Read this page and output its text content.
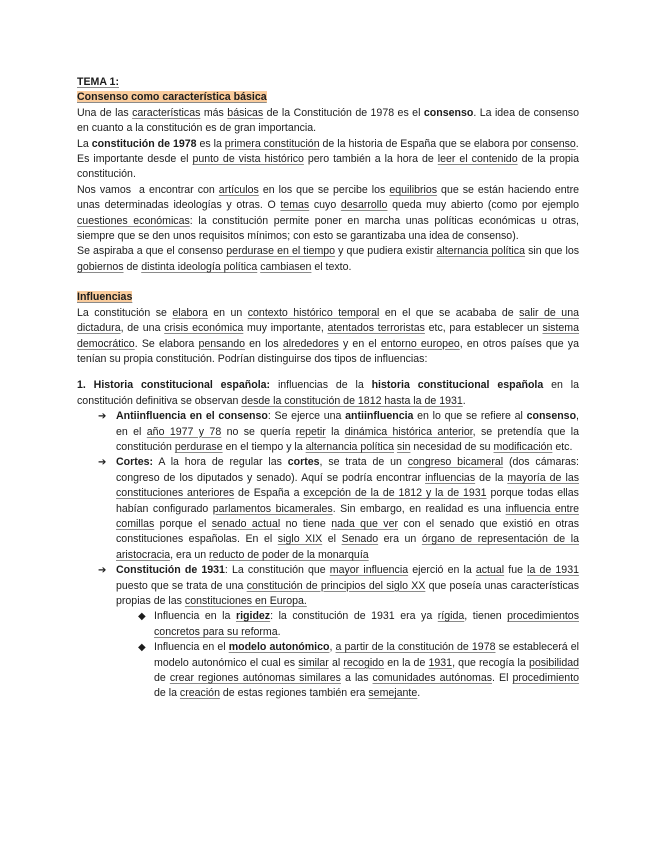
TEMA 1:

Consenso como característica básica

Una de las características más básicas de la Constitución de 1978 es el consenso. La idea de consenso en cuanto a la constitución es de gran importancia.

La constitución de 1978 es la primera constitución de la historia de España que se elabora por consenso.

Es importante desde el punto de vista histórico pero también a la hora de leer el contenido de la propia constitución.

Nos vamos  a encontrar con artículos en los que se percibe los equilibrios que se están haciendo entre unas determinadas ideologías y otras. O temas cuyo desarrollo queda muy abierto (como por ejemplo cuestiones económicas: la constitución permite poner en marcha unas políticas económicas u otras, siempre que se den unos requisitos mínimos; con esto se garantizaba una idea de consenso).

Se aspiraba a que el consenso perdurase en el tiempo y que pudiera existir alternancia política sin que los gobiernos de distinta ideología política cambiasen el texto.

Influencias

La constitución se elabora en un contexto histórico temporal en el que se acababa de salir de una dictadura, de una crisis económica muy importante, atentados terroristas etc, para establecer un sistema democrático. Se elabora pensando en los alrededores y en el entorno europeo, en otros países que ya tenían su propia constitución. Podrían distinguirse dos tipos de influencias:

1. Historia constitucional española: influencias de la historia constitucional española en la constitución definitiva se observan desde la constitución de 1812 hasta la de 1931.

➔ Antiinfluencia en el consenso: Se ejerce una antiinfluencia en lo que se refiere al consenso, en el año 1977 y 78 no se quería repetir la dinámica histórica anterior, se pretendía que la constitución perdurase en el tiempo y la alternancia política sin necesidad de su modificación etc.
➔ Cortes: A la hora de regular las cortes, se trata de un congreso bicameral (dos cámaras: congreso de los diputados y senado). Aquí se podría encontrar influencias de la mayoría de las constituciones anteriores de España a excepción de la de 1812 y la de 1931 porque todas ellas habían configurado parlamentos bicamerales. Sin embargo, en realidad es una influencia entre comillas porque el senado actual no tiene nada que ver con el senado que existió en otras constituciones españolas. En el siglo XIX el Senado era un órgano de representación de la aristocracia, era un reducto de poder de la monarquía
➔ Constitución de 1931: La constitución que mayor influencia ejerció en la actual fue la de 1931 puesto que se trata de una constitución de principios del siglo XX que poseía unas características propias de las constituciones en Europa.
◆ Influencia en la rigidez: la constitución de 1931 era ya rígida, tienen procedimientos concretos para su reforma.
◆ Influencia en el modelo autonómico, a partir de la constitución de 1978 se establecerá el modelo autonómico el cual es similar al recogido en la de 1931, que recogía la posibilidad de crear regiones autónomas similares a las comunidades autónomas. El procedimiento de la creación de estas regiones también era semejante.
